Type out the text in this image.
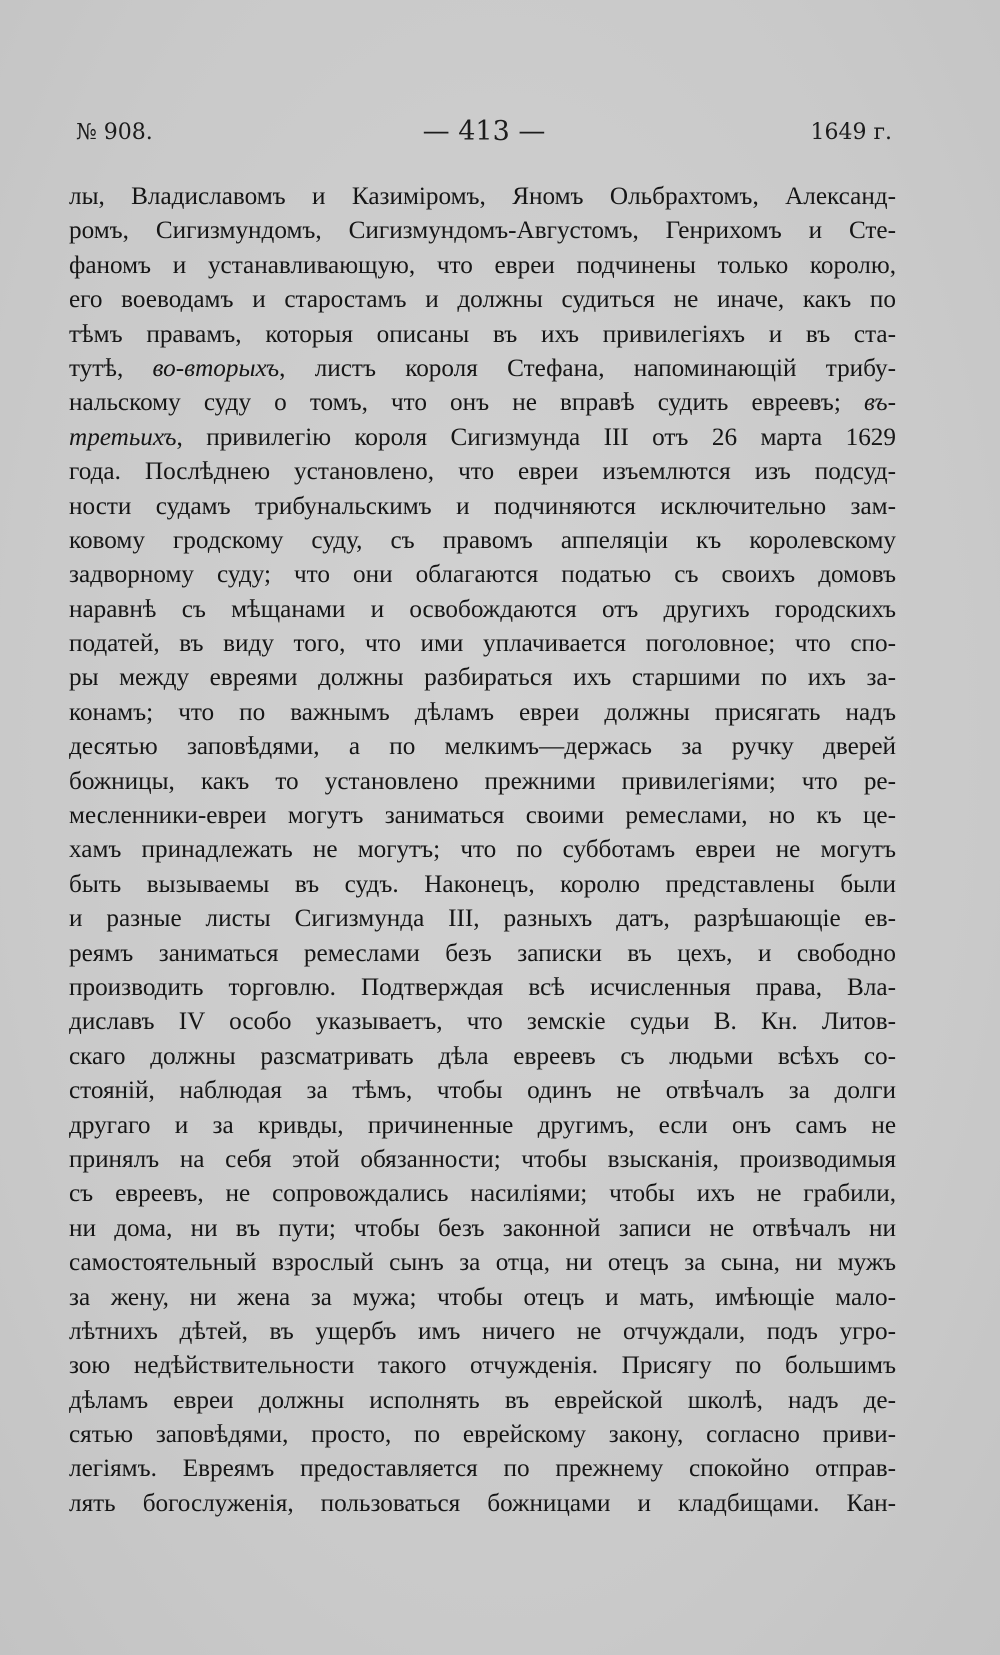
№ 908.	— 413 —	1649 г.
лы, Владиславомъ и Казиміромъ, Яномъ Ольбрахтомъ, Александ-
ромъ, Сигизмундомъ, Сигизмундомъ-Августомъ, Генрихомъ и Сте-
фаномъ и устанавливающую, что евреи подчинены только королю,
его воеводамъ и старостамъ и должны судиться не иначе, какъ по
тѣмъ правамъ, которыя описаны въ ихъ привилегіяхъ и въ ста-
тутѣ, во-вторыхъ, листъ короля Стефана, напоминающій трибу-
нальскому суду о томъ, что онъ не вправѣ судить евреевъ; въ-
третьихъ, привилегію короля Сигизмунда III отъ 26 марта 1629
года. Послѣднею установлено, что евреи изъемлются изъ подсуд-
ности судамъ трибунальскимъ и подчиняются исключительно зам-
ковому гродскому суду, съ правомъ аппеляціи къ королевскому
задворному суду; что они облагаются податью съ своихъ домовъ
наравнѣ съ мѣщанами и освобождаются отъ другихъ городскихъ
податей, въ виду того, что ими уплачивается поголовное; что спо-
ры между евреями должны разбираться ихъ старшими по ихъ за-
конамъ; что по важнымъ дѣламъ евреи должны присягать надъ
десятью заповѣдями, а по мелкимъ—держась за ручку дверей
божницы, какъ то установлено прежними привилегіями; что ре-
месленники-евреи могутъ заниматься своими ремеслами, но къ це-
хамъ принадлежать не могутъ; что по субботамъ евреи не могутъ
быть вызываемы въ судъ. Наконецъ, королю представлены были
и разные листы Сигизмунда III, разныхъ датъ, разрѣшающіе ев-
реямъ заниматься ремеслами безъ записки въ цехъ, и свободно
производить торговлю. Подтверждая всѣ исчисленныя права, Вла-
диславъ IV особо указываетъ, что земскіе судьи В. Кн. Литов-
скаго должны разсматривать дѣла евреевъ съ людьми всѣхъ со-
стояній, наблюдая за тѣмъ, чтобы одинъ не отвѣчалъ за долги
другаго и за кривды, причиненные другимъ, если онъ самъ не
принялъ на себя этой обязанности; чтобы взысканія, производимыя
съ евреевъ, не сопровождались насиліями; чтобы ихъ не грабили,
ни дома, ни въ пути; чтобы безъ законной записи не отвѣчалъ ни
самостоятельный взрослый сынъ за отца, ни отецъ за сына, ни мужъ
за жену, ни жена за мужа; чтобы отецъ и мать, имѣющіе мало-
лѣтнихъ дѣтей, въ ущербъ имъ ничего не отчуждали, подъ угро-
зою недѣйствительности такого отчужденія. Присягу по большимъ
дѣламъ евреи должны исполнять въ еврейской школѣ, надъ де-
сятью заповѣдями, просто, по еврейскому закону, согласно приви-
легіямъ. Евреямъ предоставляется по прежнему спокойно отправ-
лять богослуженія, пользоваться божницами и кладбищами. Кан-
